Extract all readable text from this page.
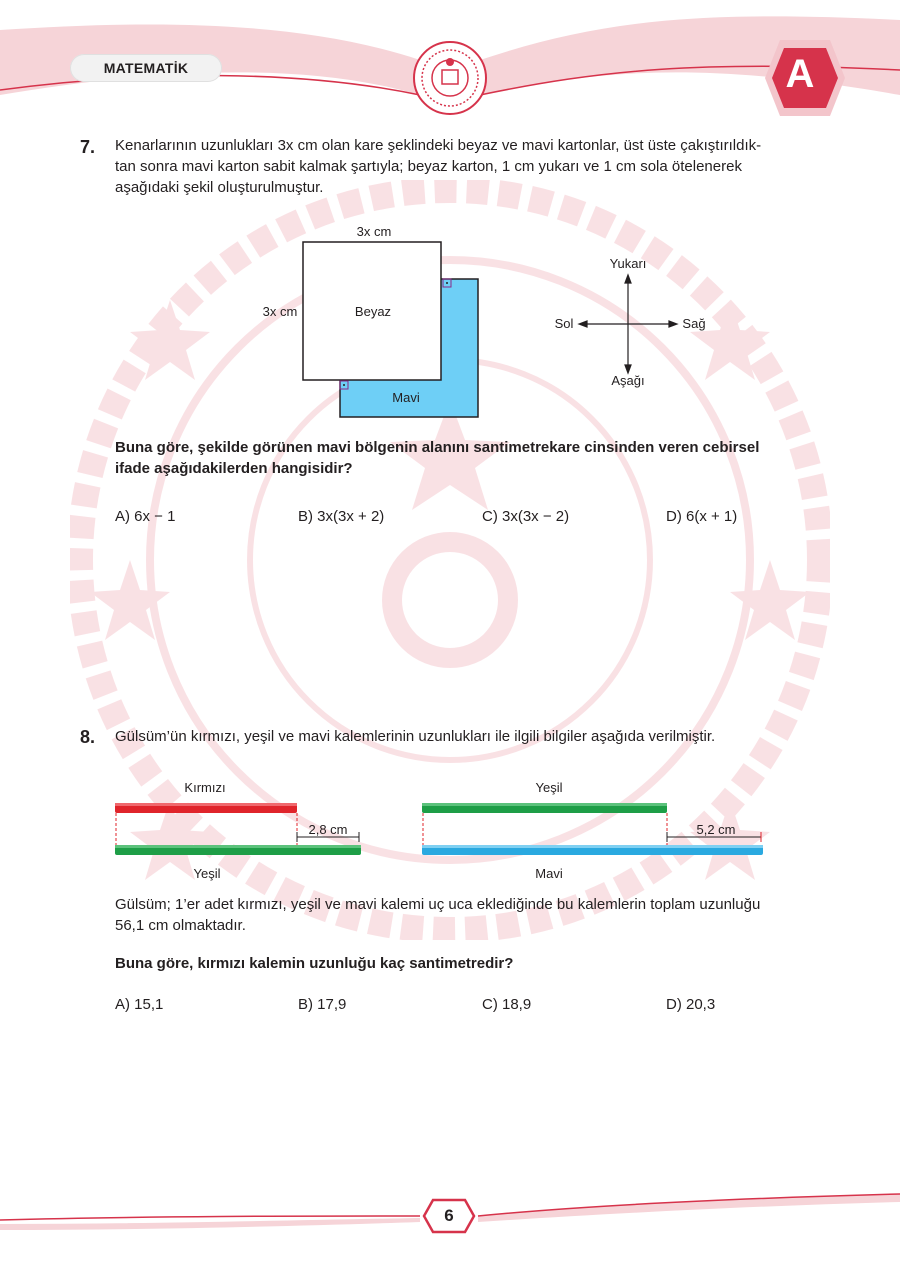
MATEMATİK	A
7. Kenarlarının uzunlukları 3x cm olan kare şeklindeki beyaz ve mavi kartonlar, üst üste çakıştırıldık-
tan sonra mavi karton sabit kalmak şartıyla; beyaz karton, 1 cm yukarı ve 1 cm sola ötelenerek
aşağıdaki şekil oluşturulmuştur.
3x cm
3x cm	Beyaz
Mavi
Yukarı
Aşağı
Sol	Sağ
Buna göre, şekilde görünen mavi bölgenin alanını santimetrekare cinsinden veren cebirsel
ifade aşağıdakilerden hangisidir?
A) 6x − 1	B) 3x(3x + 2)	C) 3x(3x − 2)	D) 6(x + 1)
8. Gülsüm’ün kırmızı, yeşil ve mavi kalemlerinin uzunlukları ile ilgili bilgiler aşağıda verilmiştir.
Kırmızı
Yeşil
2,8 cm
Yeşil
Mavi
5,2 cm
Gülsüm; 1’er adet kırmızı, yeşil ve mavi kalemi uç uca eklediğinde bu kalemlerin toplam uzunluğu
56,1 cm olmaktadır.
Buna göre, kırmızı kalemin uzunluğu kaç santimetredir?
A) 15,1	B) 17,9	C) 18,9	D) 20,3
6
